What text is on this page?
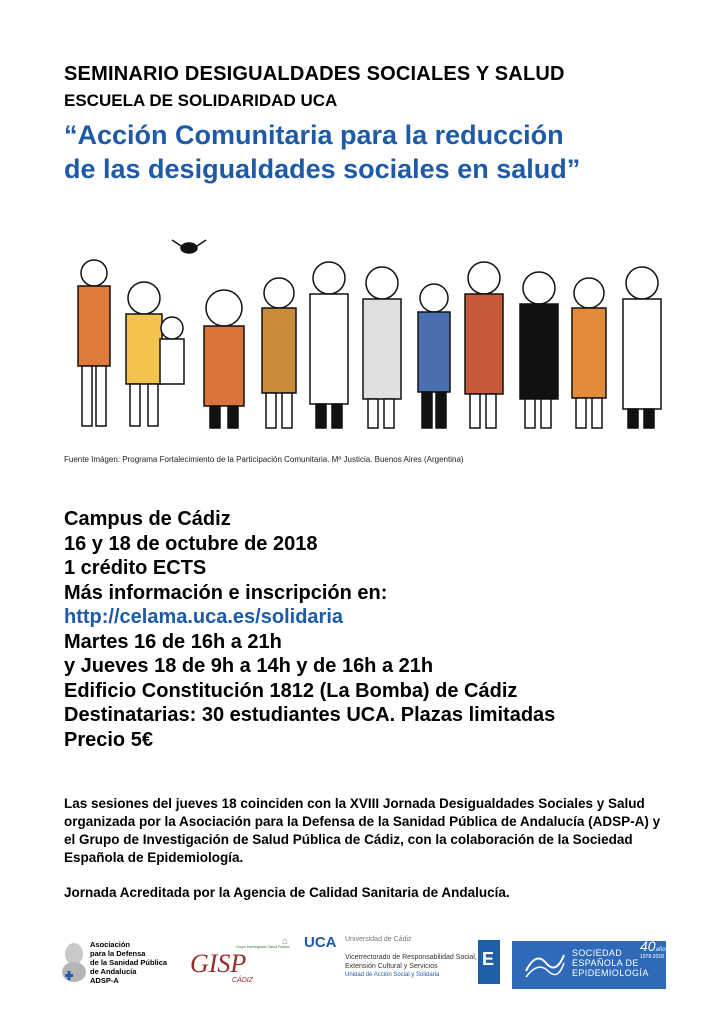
SEMINARIO DESIGUALDADES SOCIALES Y SALUD
ESCUELA DE SOLIDARIDAD UCA
“Acción Comunitaria para la reducción
de las desigualdades sociales en salud”
Fuente Imágen: Programa Fortalecimiento de la Participación Comunitaria. Mº Justicia. Buenos Aires (Argentina)
Campus de Cádiz
16 y 18 de octubre de 2018
1 crédito ECTS
Más información e inscripción en:
http://celama.uca.es/solidaria
Martes 16 de 16h a 21h
y Jueves 18 de 9h a 14h y de 16h a 21h
Edificio Constitución 1812 (La Bomba) de Cádiz
Destinatarias: 30 estudiantes UCA. Plazas limitadas
Precio 5€
Las sesiones del jueves 18 coinciden con la XVIII Jornada Desigualdades Sociales y Salud organizada por la Asociación para la Defensa de la Sanidad Pública de Andalucía (ADSP-A) y el Grupo de Investigación de Salud Pública de Cádiz, con la colaboración de la Sociedad Española de Epidemiología.
Jornada Acreditada por la Agencia de Calidad Sanitaria de Andalucía.
Asociación
para la Defensa
de la Sanidad Pública
de Andalucía
ADSP-A
GISP
Grupo Investigación Salud Pública
CÁDIZ
⌂ UCA Universidad de Cádiz
Vicerrectorado de Responsabilidad Social,
Extensión Cultural y Servicios
Unidad de Acción Social y Solidaria
E	SOCIEDAD
ESPAÑOLA DE
EPIDEMIOLOGÍA
40años
1978-2018
